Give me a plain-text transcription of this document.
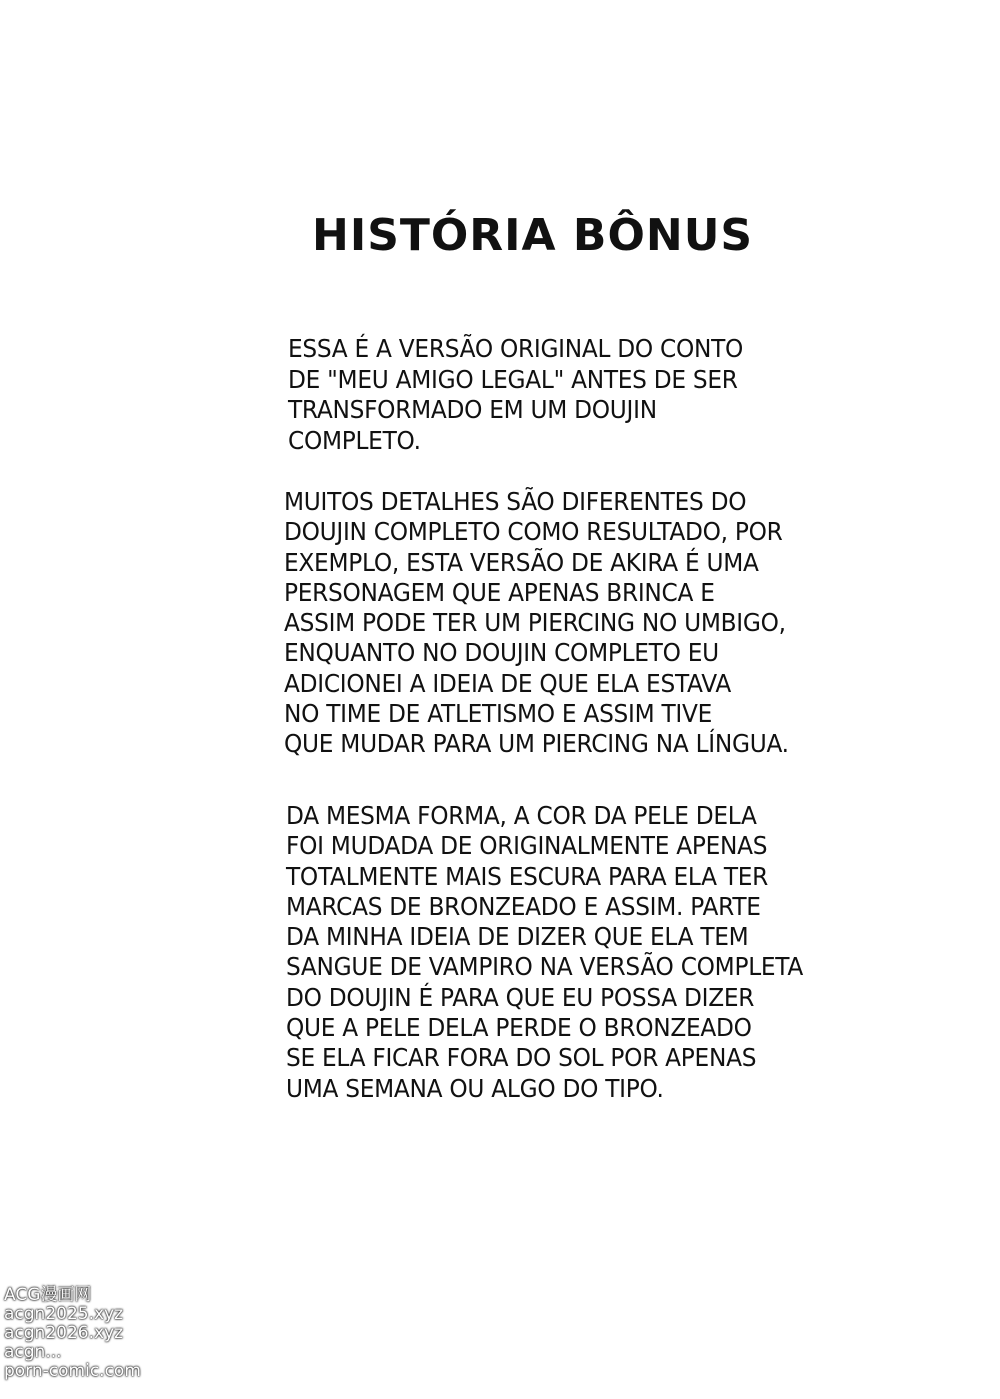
HISTÓRIA BÔNUS
ESSA É A VERSÃO ORIGINAL DO CONTO
DE "MEU AMIGO LEGAL" ANTES DE SER
TRANSFORMADO EM UM DOUJIN
COMPLETO.
MUITOS DETALHES SÃO DIFERENTES DO
DOUJIN COMPLETO COMO RESULTADO, POR
EXEMPLO, ESTA VERSÃO DE AKIRA É UMA
PERSONAGEM QUE APENAS BRINCA E
ASSIM PODE TER UM PIERCING NO UMBIGO,
ENQUANTO NO DOUJIN COMPLETO EU
ADICIONEI A IDEIA DE QUE ELA ESTAVA
NO TIME DE ATLETISMO E ASSIM TIVE
QUE MUDAR PARA UM PIERCING NA LÍNGUA.
DA MESMA FORMA, A COR DA PELE DELA
FOI MUDADA DE ORIGINALMENTE APENAS
TOTALMENTE MAIS ESCURA PARA ELA TER
MARCAS DE BRONZEADO E ASSIM. PARTE
DA MINHA IDEIA DE DIZER QUE ELA TEM
SANGUE DE VAMPIRO NA VERSÃO COMPLETA
DO DOUJIN É PARA QUE EU POSSA DIZER
QUE A PELE DELA PERDE O BRONZEADO
SE ELA FICAR FORA DO SOL POR APENAS
UMA SEMANA OU ALGO DO TIPO.
ACG漫画网
acgn2025.xyz
acgn2026.xyz
acgn...
porn-comic.com
